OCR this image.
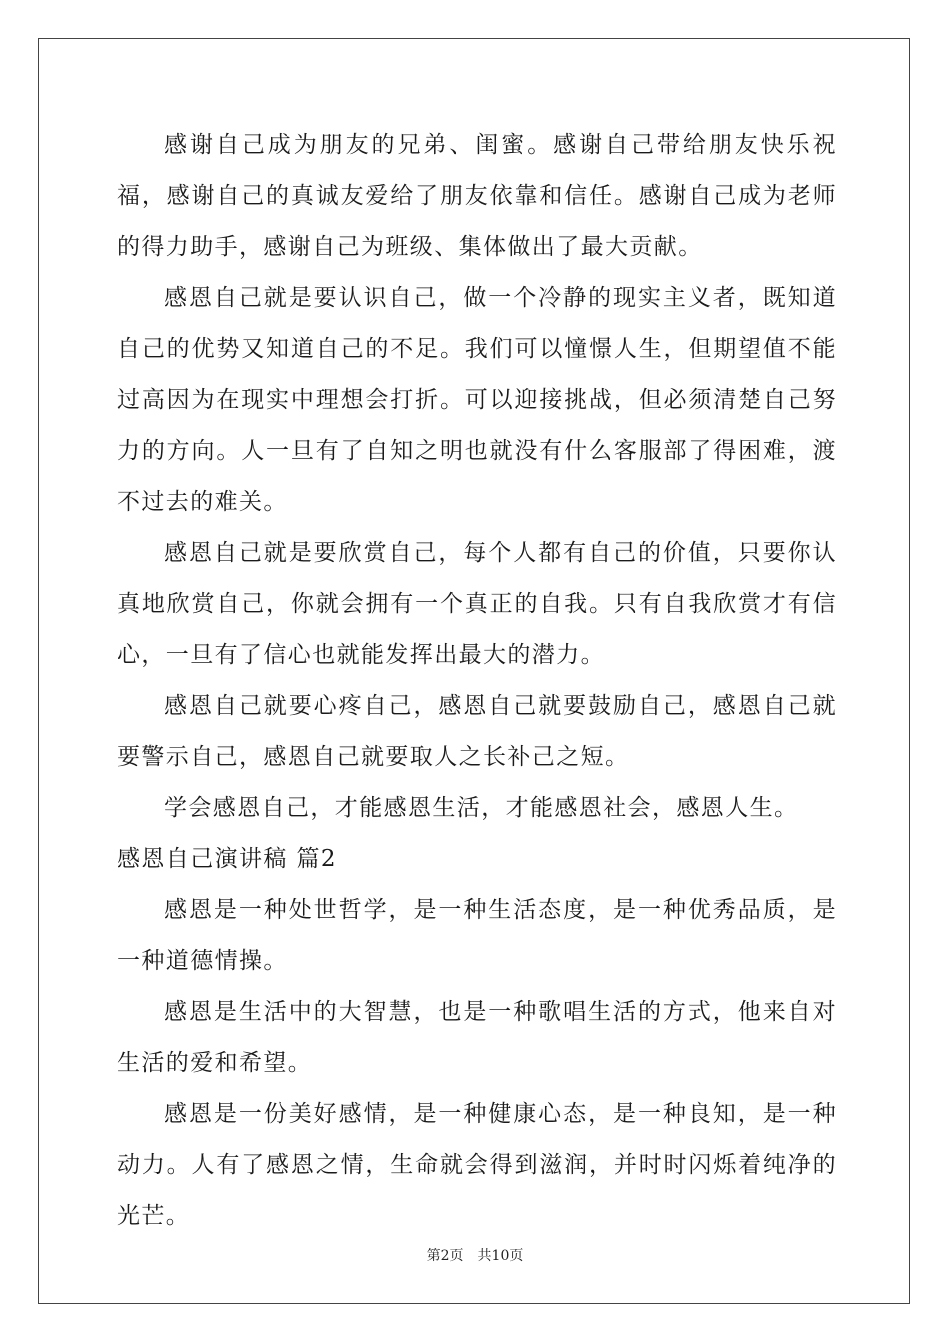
感谢自己成为朋友的兄弟、闺蜜。感谢自己带给朋友快乐祝福，感谢自己的真诚友爱给了朋友依靠和信任。感谢自己成为老师的得力助手，感谢自己为班级、集体做出了最大贡献。

感恩自己就是要认识自己，做一个冷静的现实主义者，既知道自己的优势又知道自己的不足。我们可以憧憬人生，但期望值不能过高因为在现实中理想会打折。可以迎接挑战，但必须清楚自己努力的方向。人一旦有了自知之明也就没有什么客服部了得困难，渡不过去的难关。

感恩自己就是要欣赏自己，每个人都有自己的价值，只要你认真地欣赏自己，你就会拥有一个真正的自我。只有自我欣赏才有信心，一旦有了信心也就能发挥出最大的潜力。

感恩自己就要心疼自己，感恩自己就要鼓励自己，感恩自己就要警示自己，感恩自己就要取人之长补己之短。

学会感恩自己，才能感恩生活，才能感恩社会，感恩人生。

感恩自己演讲稿 篇2

感恩是一种处世哲学，是一种生活态度，是一种优秀品质，是一种道德情操。

感恩是生活中的大智慧，也是一种歌唱生活的方式，他来自对生活的爱和希望。

感恩是一份美好感情，是一种健康心态，是一种良知，是一种动力。人有了感恩之情，生命就会得到滋润，并时时闪烁着纯净的光芒。

第2页 共10页
